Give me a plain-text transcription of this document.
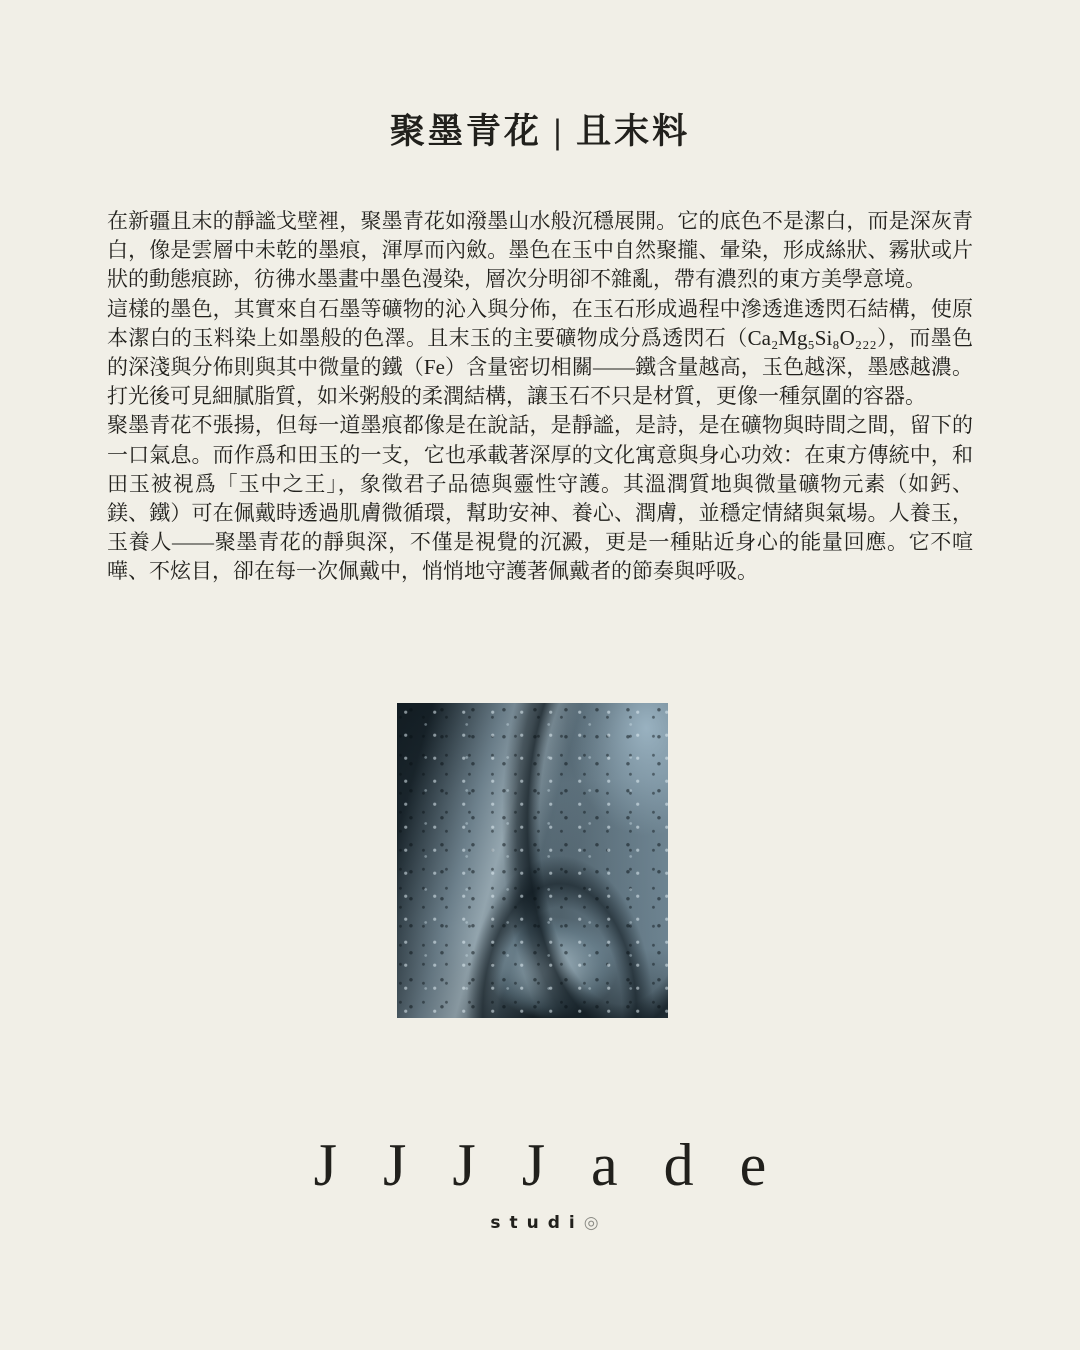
聚墨青花 | 且末料

在新疆且末的靜謐戈壁裡，聚墨青花如潑墨山水般沉穩展開。它的底色不是潔白，而是深灰青白，像是雲層中未乾的墨痕，渾厚而內斂。墨色在玉中自然聚攏、暈染，形成絲狀、霧狀或片狀的動態痕跡，彷彿水墨畫中墨色漫染，層次分明卻不雜亂，帶有濃烈的東方美學意境。

這樣的墨色，其實來自石墨等礦物的沁入與分佈，在玉石形成過程中滲透進透閃石結構，使原本潔白的玉料染上如墨般的色澤。且末玉的主要礦物成分爲透閃石（Ca₂Mg₅Si₈O₂₂₂），而墨色的深淺與分佈則與其中微量的鐵（Fe）含量密切相關——鐵含量越高，玉色越深，墨感越濃。打光後可見細膩脂質，如米粥般的柔潤結構，讓玉石不只是材質，更像一種氛圍的容器。

聚墨青花不張揚，但每一道墨痕都像是在說話，是靜謐，是詩，是在礦物與時間之間，留下的一口氣息。而作爲和田玉的一支，它也承載著深厚的文化寓意與身心功效：在東方傳統中，和田玉被視爲「玉中之王」，象徵君子品德與靈性守護。其溫潤質地與微量礦物元素（如鈣、鎂、鐵）可在佩戴時透過肌膚微循環，幫助安神、養心、潤膚，並穩定情緒與氣場。人養玉，玉養人——聚墨青花的靜與深，不僅是視覺的沉澱，更是一種貼近身心的能量回應。它不喧嘩、不炫目，卻在每一次佩戴中，悄悄地守護著佩戴者的節奏與呼吸。

JJJJade
studi◎
